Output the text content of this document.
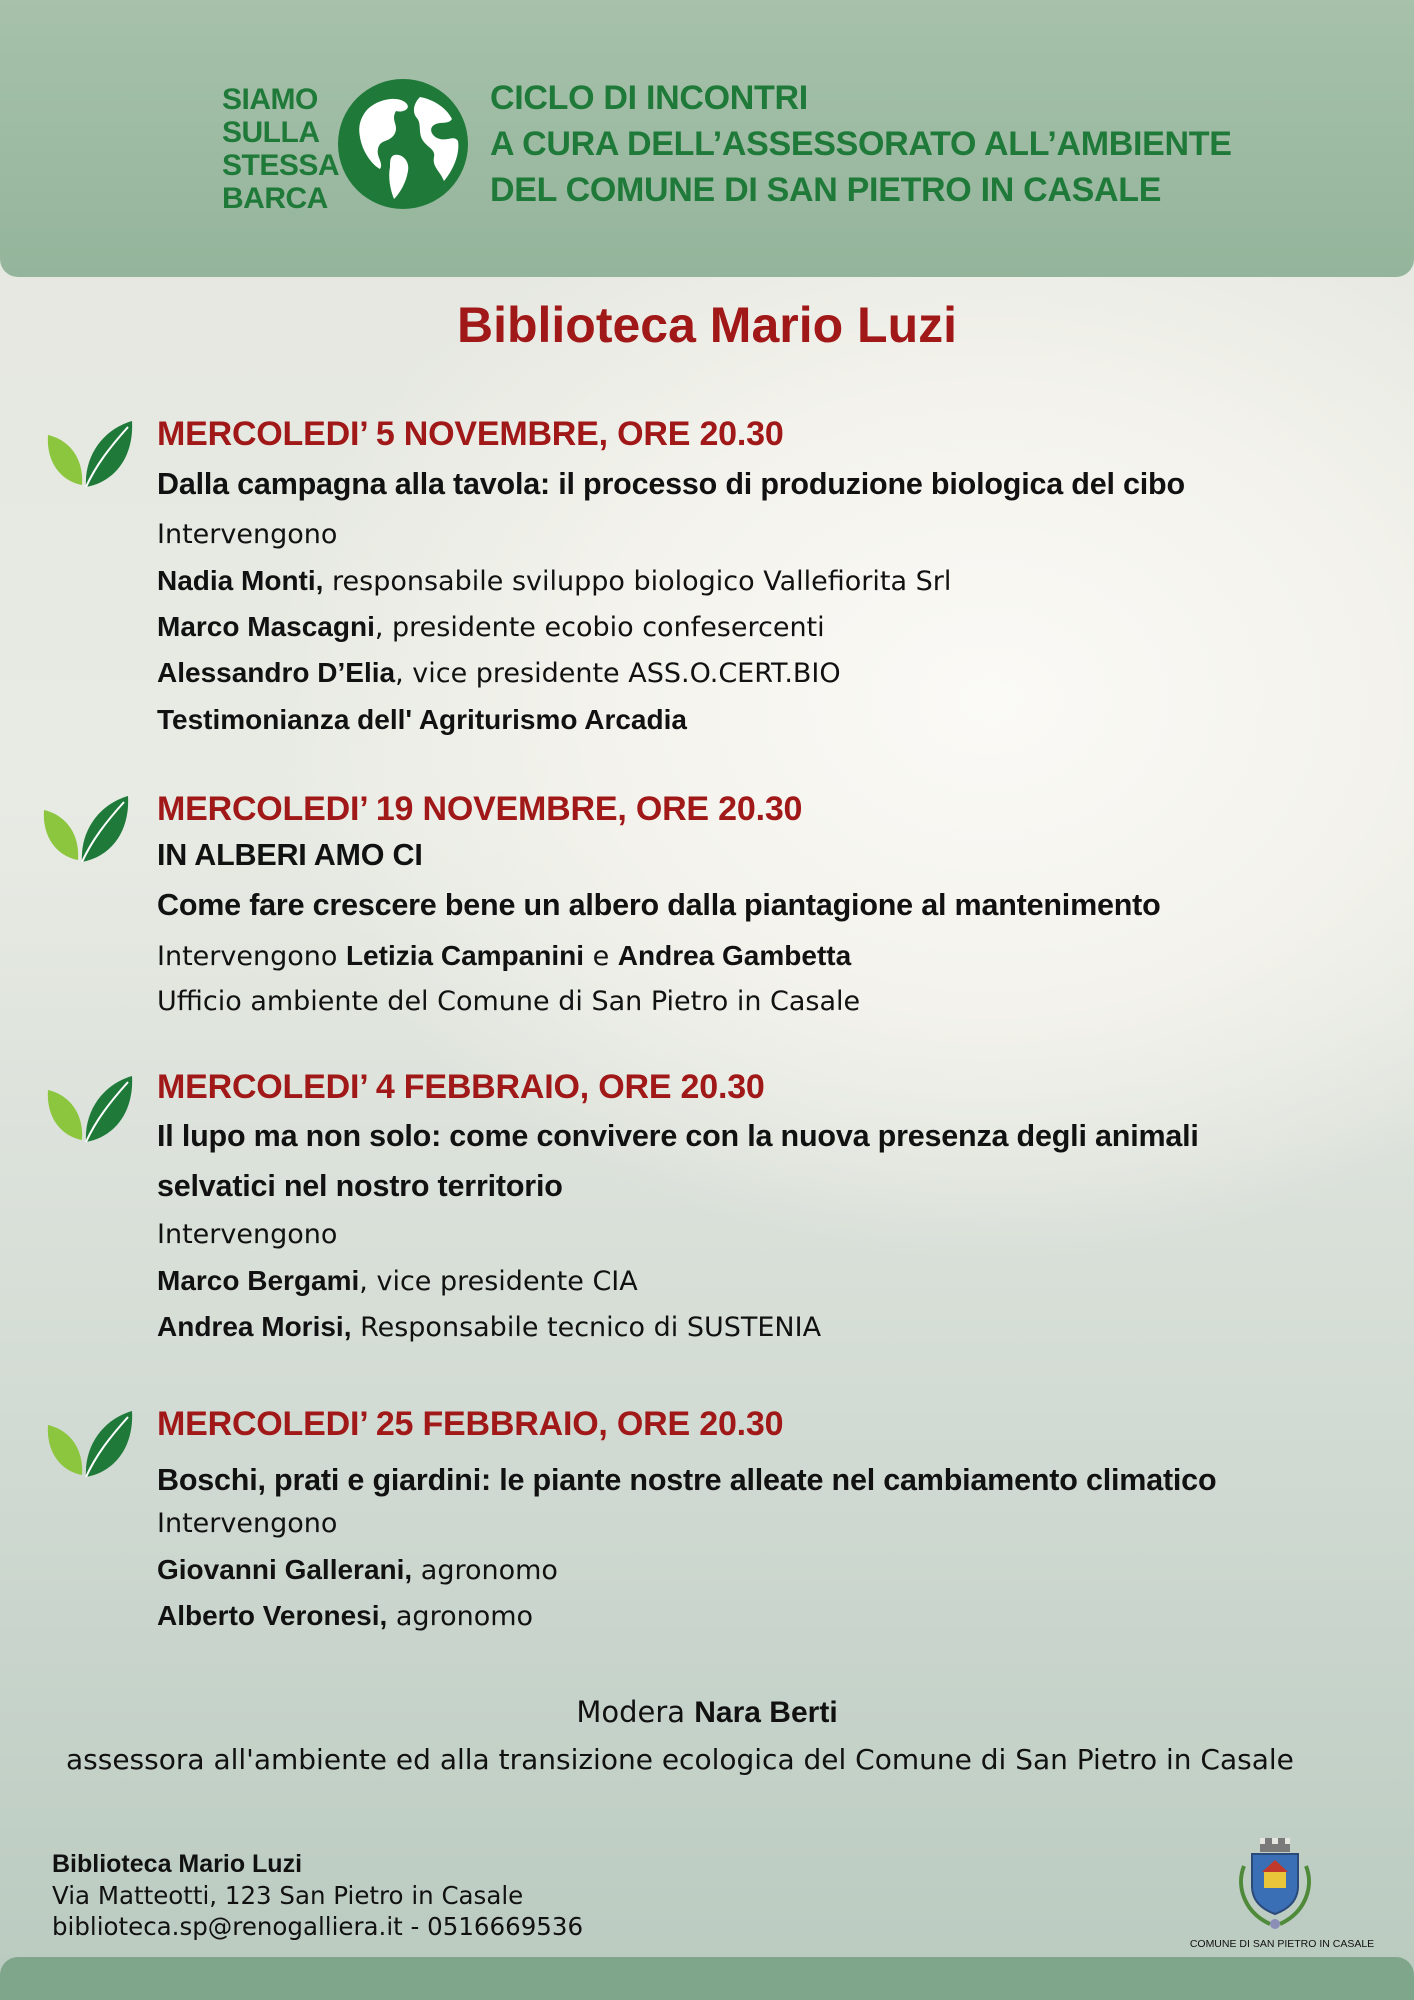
SIAMO
SULLA
STESSA
BARCA
CICLO DI INCONTRI
A CURA DELL’ASSESSORATO ALL’AMBIENTE
DEL COMUNE DI SAN PIETRO IN CASALE
Biblioteca Mario Luzi
MERCOLEDI’ 5 NOVEMBRE, ORE 20.30
Dalla campagna alla tavola: il processo di produzione biologica del cibo
Intervengono
Nadia Monti, responsabile sviluppo biologico Vallefiorita Srl
Marco Mascagni, presidente ecobio confesercenti
Alessandro D’Elia, vice presidente ASS.O.CERT.BIO
Testimonianza dell' Agriturismo Arcadia
MERCOLEDI’ 19 NOVEMBRE, ORE 20.30
IN ALBERI AMO CI
Come fare crescere bene un albero dalla piantagione al mantenimento
Intervengono Letizia Campanini e Andrea Gambetta
Ufficio ambiente del Comune di San Pietro in Casale
MERCOLEDI’ 4 FEBBRAIO, ORE 20.30
Il lupo ma non solo: come convivere con la nuova presenza degli animali
selvatici nel nostro territorio
Intervengono
Marco Bergami, vice presidente CIA
Andrea Morisi, Responsabile tecnico di SUSTENIA
MERCOLEDI’ 25 FEBBRAIO, ORE 20.30
Boschi, prati e giardini: le piante nostre alleate nel cambiamento climatico
Intervengono
Giovanni Gallerani, agronomo
Alberto Veronesi, agronomo
Modera Nara Berti
assessora all'ambiente ed alla transizione ecologica del Comune di San Pietro in Casale
Biblioteca Mario Luzi
Via Matteotti, 123 San Pietro in Casale
biblioteca.sp@renogalliera.it - 0516669536
COMUNE DI SAN PIETRO IN CASALE
